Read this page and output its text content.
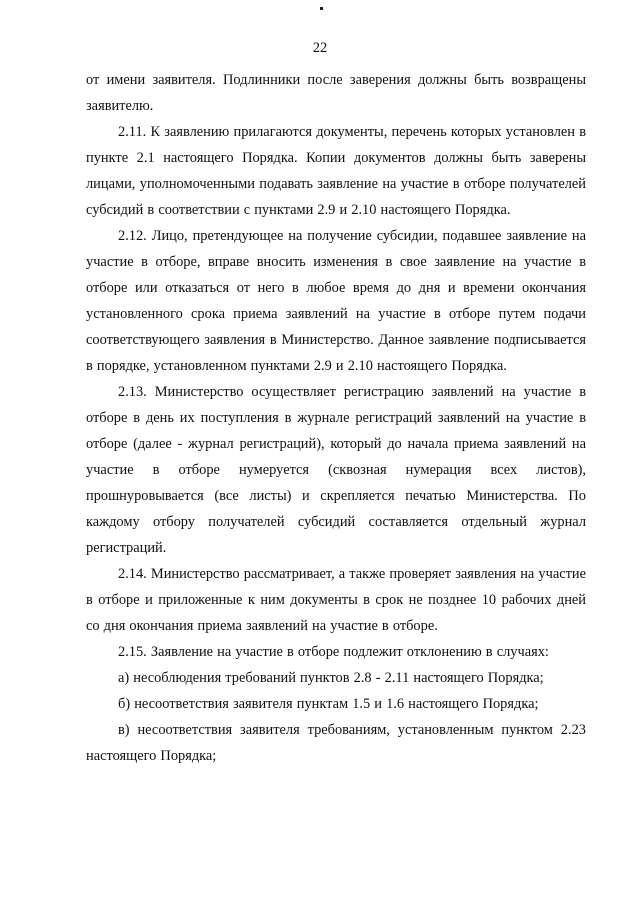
22

от имени заявителя. Подлинники после заверения должны быть возвращены заявителю.

2.11. К заявлению прилагаются документы, перечень которых установлен в пункте 2.1 настоящего Порядка. Копии документов должны быть заверены лицами, уполномоченными подавать заявление на участие в отборе получателей субсидий в соответствии с пунктами 2.9 и 2.10 настоящего Порядка.

2.12. Лицо, претендующее на получение субсидии, подавшее заявление на участие в отборе, вправе вносить изменения в свое заявление на участие в отборе или отказаться от него в любое время до дня и времени окончания установленного срока приема заявлений на участие в отборе путем подачи соответствующего заявления в Министерство. Данное заявление подписывается в порядке, установленном пунктами 2.9 и 2.10 настоящего Порядка.

2.13. Министерство осуществляет регистрацию заявлений на участие в отборе в день их поступления в журнале регистраций заявлений на участие в отборе (далее - журнал регистраций), который до начала приема заявлений на участие в отборе нумеруется (сквозная нумерация всех листов), прошнуровывается (все листы) и скрепляется печатью Министерства. По каждому отбору получателей субсидий составляется отдельный журнал регистраций.

2.14. Министерство рассматривает, а также проверяет заявления на участие в отборе и приложенные к ним документы в срок не позднее 10 рабочих дней со дня окончания приема заявлений на участие в отборе.

2.15. Заявление на участие в отборе подлежит отклонению в случаях:

а) несоблюдения требований пунктов 2.8 - 2.11 настоящего Порядка;

б) несоответствия заявителя пунктам 1.5 и 1.6 настоящего Порядка;

в) несоответствия заявителя требованиям, установленным пунктом 2.23 настоящего Порядка;
